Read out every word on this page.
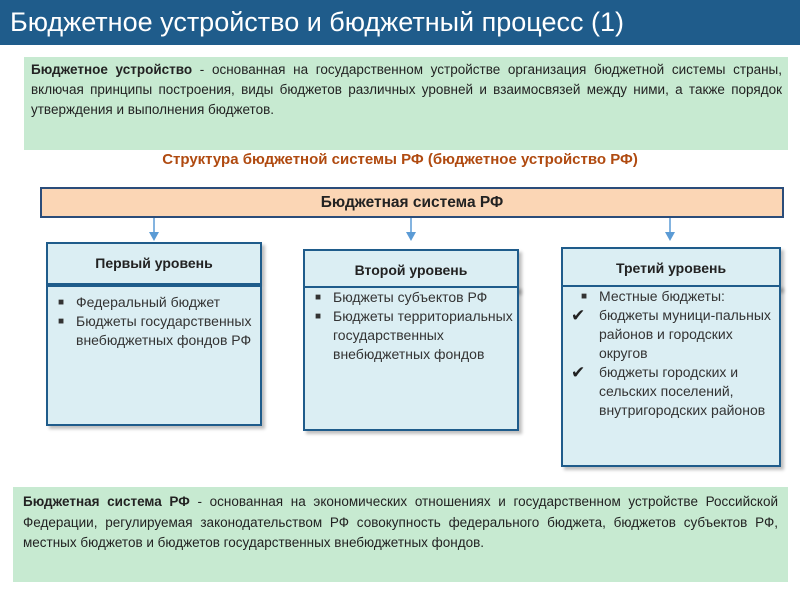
Бюджетное устройство и бюджетный процесс (1)
Бюджетное устройство - основанная на государственном устройстве организация бюджетной системы страны, включая принципы построения, виды бюджетов различных уровней и взаимосвязей между ними, а также порядок утверждения и выполнения бюджетов.
Структура бюджетной системы РФ (бюджетное устройство РФ)
Бюджетная система РФ
Первый уровень
■ Федеральный бюджет
■ Бюджеты государственных внебюджетных фондов РФ
Второй уровень
■ Бюджеты субъектов РФ
■ Бюджеты территориальных государственных внебюджетных фондов
Третий уровень
■ Местные бюджеты:
✔ бюджеты муници-пальных районов и городских округов
✔ бюджеты городских и сельских поселений, внутригородских районов
Бюджетная система РФ - основанная на экономических отношениях и государственном устройстве Российской Федерации, регулируемая законодательством РФ совокупность федерального бюджета, бюджетов субъектов РФ, местных бюджетов и бюджетов государственных внебюджетных фондов.
